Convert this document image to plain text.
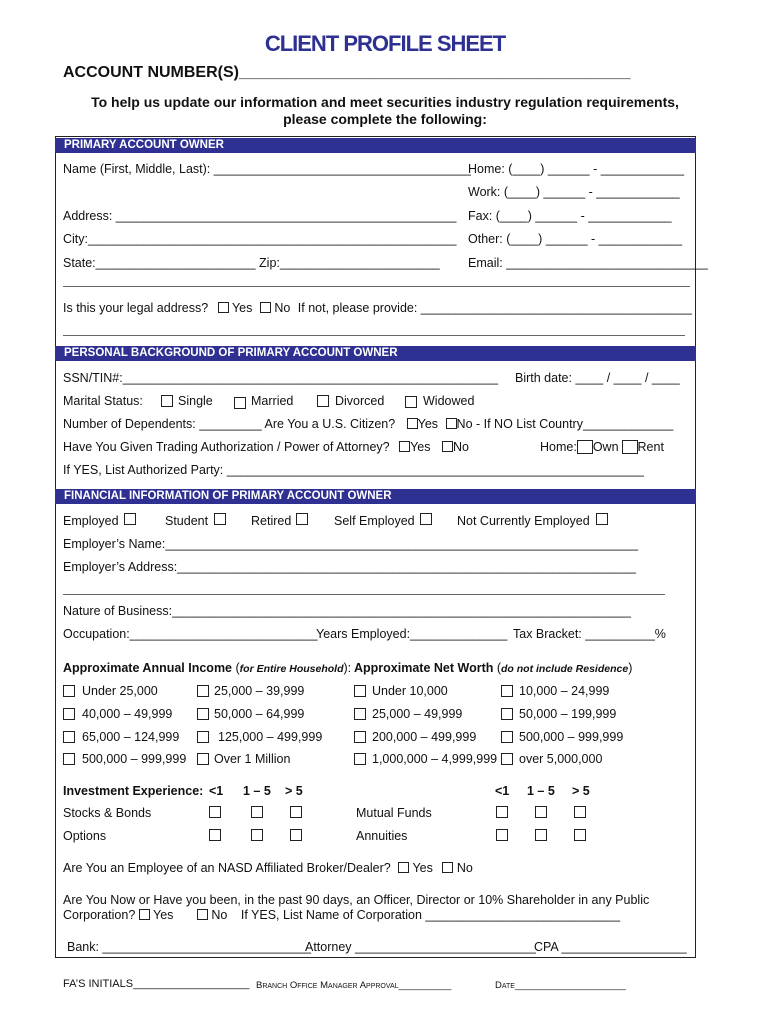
CLIENT PROFILE SHEET
ACCOUNT NUMBER(S)____________________________________________
To help us update our information and meet securities industry regulation requirements,
please complete the following:
PRIMARY ACCOUNT OWNER
Name (First, Middle, Last): _____________________________________
Home: (____) ______ - ____________
Work: (____) ______ - ____________
Address: _________________________________________________ Fax: (____) ______ - ____________
City:_____________________________________________________ Other: (____) ______ - ____________
State:_______________________ Zip:_______________________ Email: _____________________________
Is this your legal address? Yes No If not, please provide: _______________________________________
PERSONAL BACKGROUND OF PRIMARY ACCOUNT OWNER
SSN/TIN#:______________________________________________________ Birth date: ____ / ____ / ____
Marital Status:	Single	Married	Divorced	Widowed
Number of Dependents: _________ Are You a U.S. Citizen? Yes No - If NO List Country_____________
Have You Given Trading Authorization / Power of Attorney? Yes No	Home: Own Rent
If YES, List Authorized Party: ____________________________________________________________
FINANCIAL INFORMATION OF PRIMARY ACCOUNT OWNER
Employed	Student	Retired	Self Employed	Not Currently Employed
Employer’s Name:____________________________________________________________________
Employer’s Address:__________________________________________________________________
Nature of Business:__________________________________________________________________
Occupation:___________________________
Years Employed:______________ Tax Bracket: __________%
Approximate Annual Income (for Entire Household): Approximate Net Worth (do not include Residence)
Under 25,000	25,000 – 39,999	Under 10,000	10,000 – 24,999
40,000 – 49,999	50,000 – 64,999	25,000 – 49,999	50,000 – 199,999
65,000 – 124,999	125,000 – 499,999	200,000 – 499,999	500,000 – 999,999
500,000 – 999,999 Over 1 Million	1,000,000 – 4,999,999 over 5,000,000
Investment Experience: <1 1 – 5 > 5	<1 1 – 5 > 5
Stocks & Bonds	Mutual Funds
Options	Annuities
Are You an Employee of an NASD Affiliated Broker/Dealer? Yes No
Are You Now or Have you been, in the past 90 days, an Officer, Director or 10% Shareholder in any Public
Corporation? Yes	No If YES, List Name of Corporation ____________________________
Bank: ______________________________
Attorney __________________________
CPA __________________
FA’S INITIALS___________________ Branch Office Manager Approval__________	Date_____________________
